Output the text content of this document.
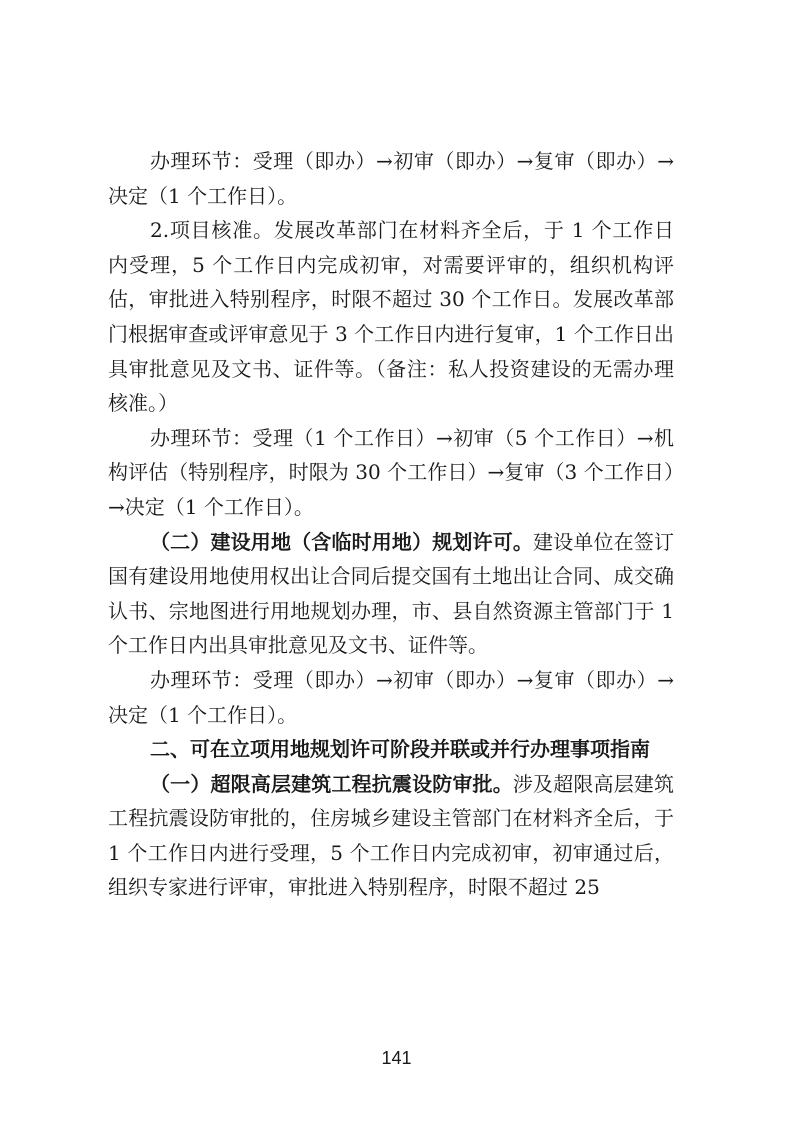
办理环节：受理（即办）→初审（即办）→复审（即办）→决定（1 个工作日）。

2.项目核准。发展改革部门在材料齐全后，于 1 个工作日内受理，5 个工作日内完成初审，对需要评审的，组织机构评估，审批进入特别程序，时限不超过 30 个工作日。发展改革部门根据审查或评审意见于 3 个工作日内进行复审，1 个工作日出具审批意见及文书、证件等。（备注：私人投资建设的无需办理核准。）

办理环节：受理（1 个工作日）→初审（5 个工作日）→机构评估（特别程序，时限为 30 个工作日）→复审（3 个工作日）→决定（1 个工作日）。

（二）建设用地（含临时用地）规划许可。建设单位在签订国有建设用地使用权出让合同后提交国有土地出让合同、成交确认书、宗地图进行用地规划办理，市、县自然资源主管部门于 1 个工作日内出具审批意见及文书、证件等。

办理环节：受理（即办）→初审（即办）→复审（即办）→决定（1 个工作日）。

二、可在立项用地规划许可阶段并联或并行办理事项指南

（一）超限高层建筑工程抗震设防审批。涉及超限高层建筑工程抗震设防审批的，住房城乡建设主管部门在材料齐全后，于 1 个工作日内进行受理，5 个工作日内完成初审，初审通过后，组织专家进行评审，审批进入特别程序，时限不超过 25

141
